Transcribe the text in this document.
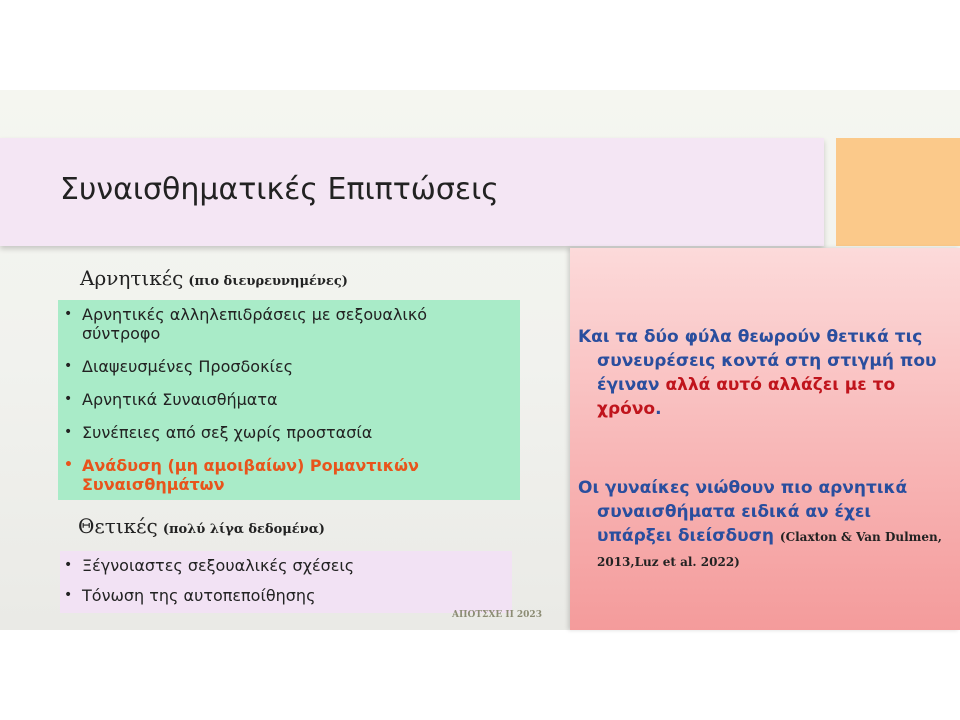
Συναισθηματικές Επιπτώσεις
Αρνητικές (πιο διευρευνημένες)
• Αρνητικές αλληλεπιδράσεις με σεξουαλικό σύντροφο
• Διαψευσμένες Προσδοκίες
• Αρνητικά Συναισθήματα
• Συνέπειες από σεξ χωρίς προστασία
• Ανάδυση (μη αμοιβαίων) Ρομαντικών Συναισθημάτων
Θετικές (πολύ λίγα δεδομένα)
• Ξέγνοιαστες σεξουαλικές σχέσεις
• Τόνωση της αυτοπεποίθησης
ΑΠΟΤΣΧΕ II 2023

Και τα δύο φύλα θεωρούν θετικά τις
συνευρέσεις κοντά στη στιγμή που
έγιναν αλλά αυτό αλλάζει με το
χρόνο.

Οι γυναίκες νιώθουν πιο αρνητικά
συναισθήματα ειδικά αν έχει
υπάρξει διείσδυση (Claxton & Van Dulmen,
2013,Luz et al. 2022)
